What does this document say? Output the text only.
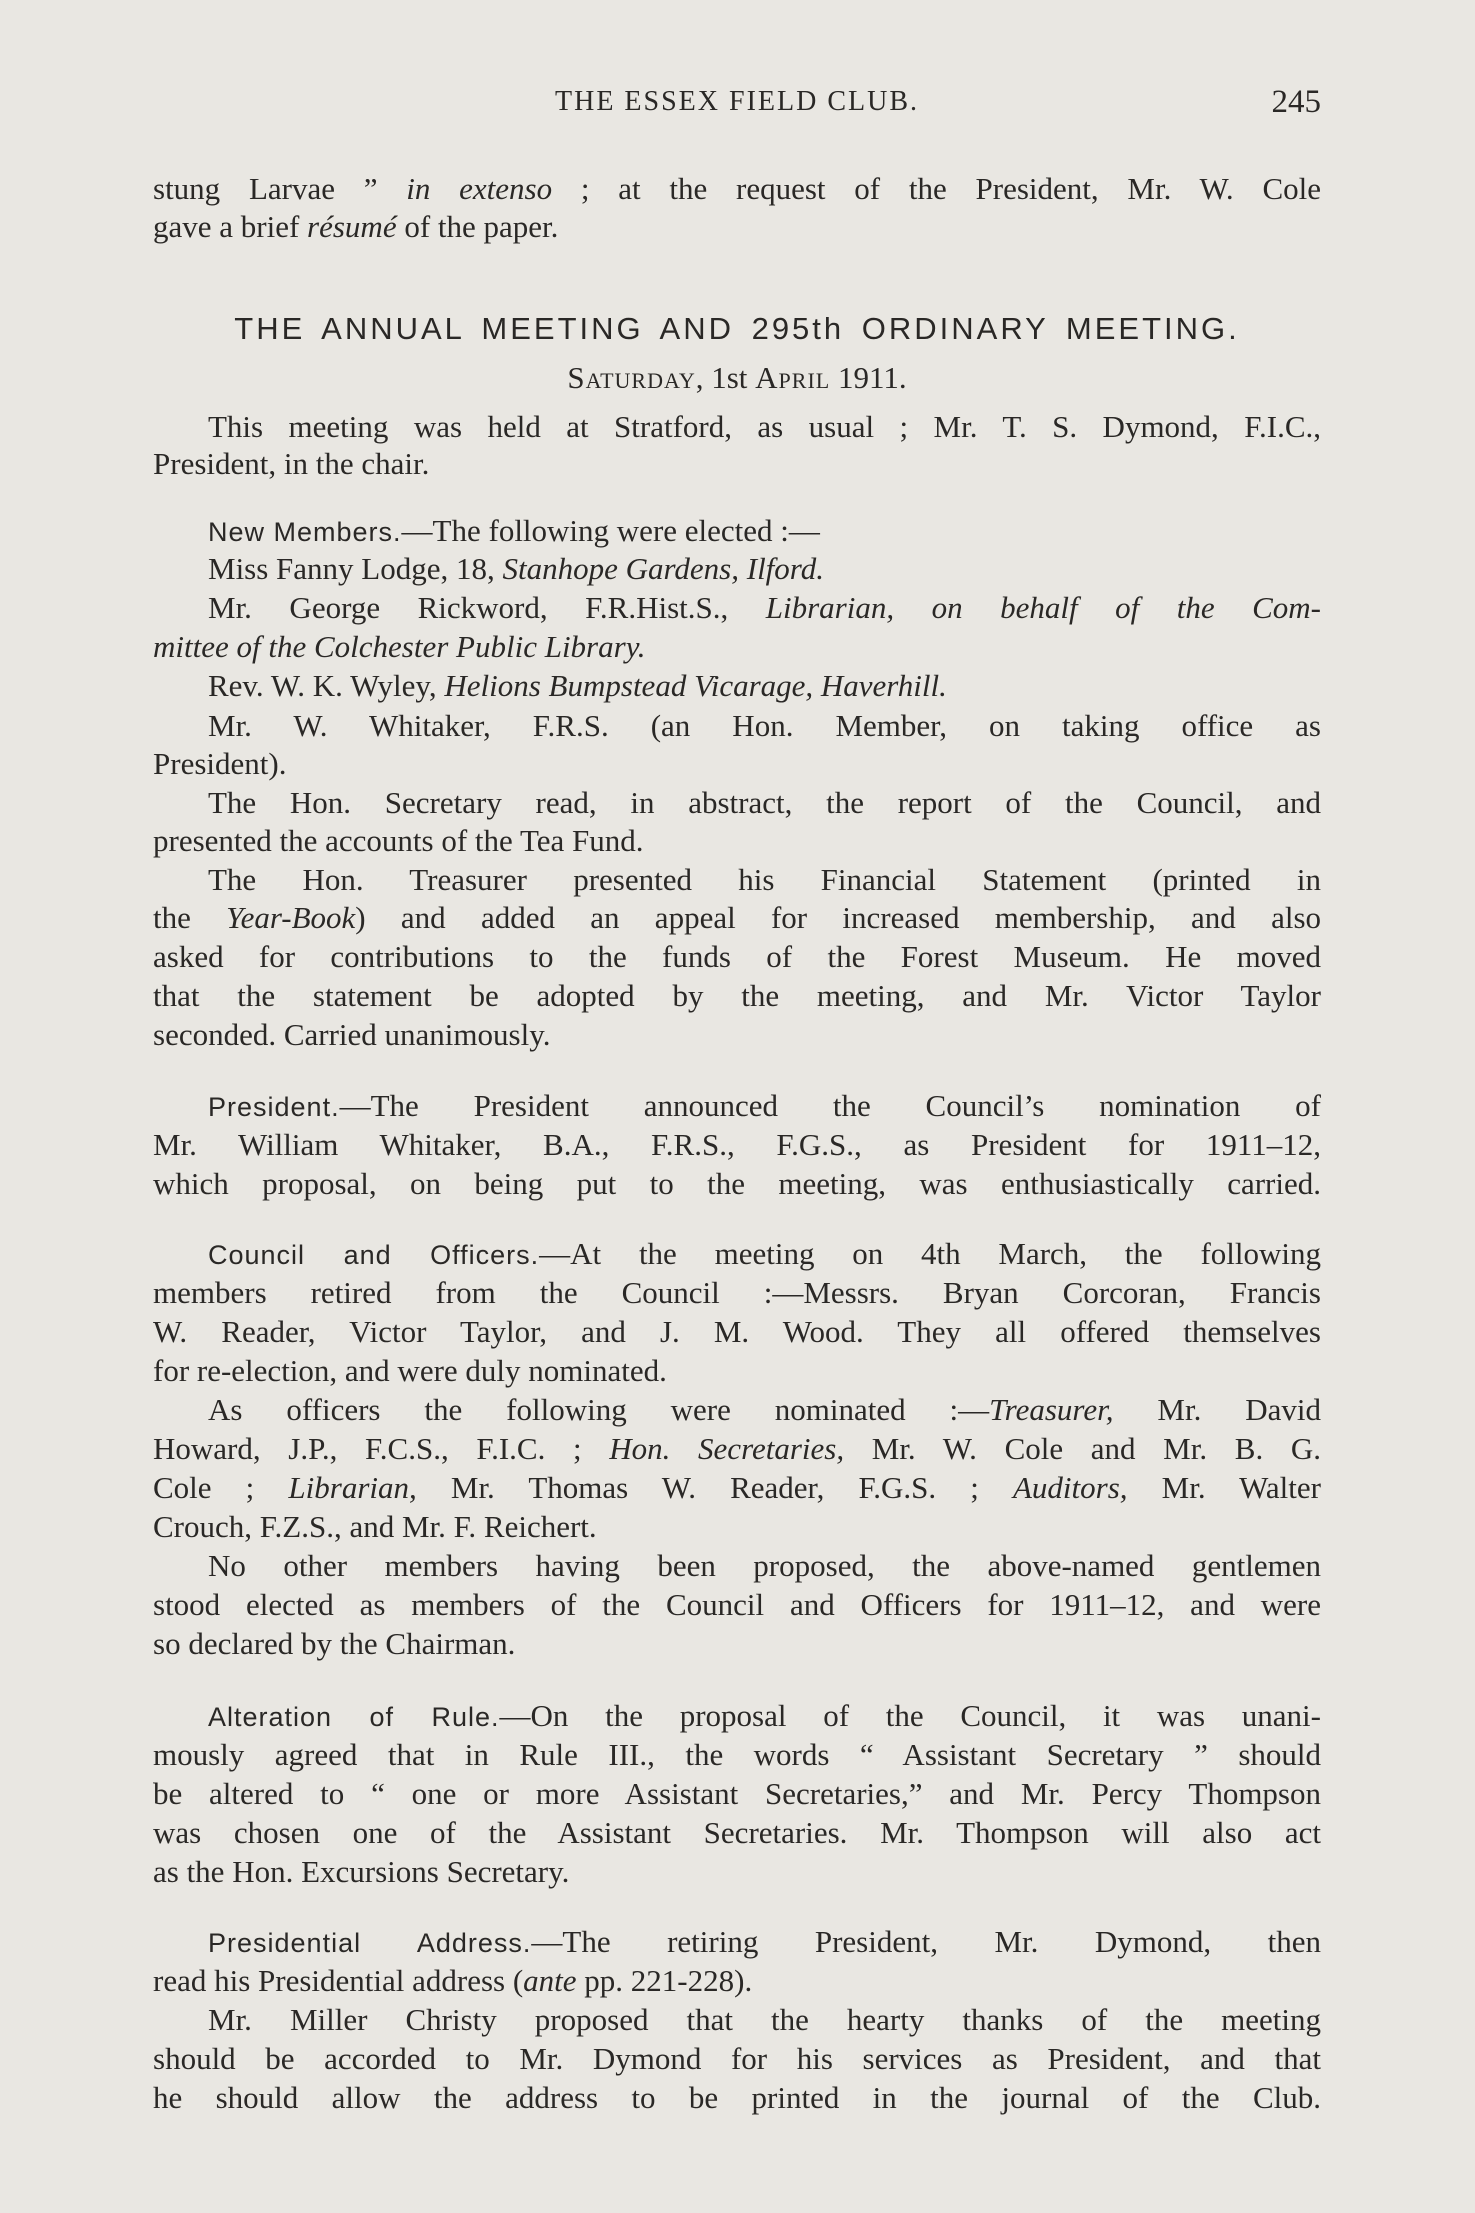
THE ESSEX FIELD CLUB.	245
stung Larvae ” in extenso ; at the request of the President, Mr. W. Cole
gave a brief résumé of the paper.
THE ANNUAL MEETING AND 295th ORDINARY MEETING.
Saturday, 1st April 1911.
This meeting was held at Stratford, as usual ; Mr. T. S. Dymond, F.I.C.,
President, in the chair.
New Members.—The following were elected :—
Miss Fanny Lodge, 18, Stanhope Gardens, Ilford.
Mr. George Rickword, F.R.Hist.S., Librarian, on behalf of the Com-
mittee of the Colchester Public Library.
Rev. W. K. Wyley, Helions Bumpstead Vicarage, Haverhill.
Mr. W. Whitaker, F.R.S. (an Hon. Member, on taking office as
President).
The Hon. Secretary read, in abstract, the report of the Council, and
presented the accounts of the Tea Fund.
The Hon. Treasurer presented his Financial Statement (printed in
the Year-Book) and added an appeal for increased membership, and also
asked for contributions to the funds of the Forest Museum. He moved
that the statement be adopted by the meeting, and Mr. Victor Taylor
seconded. Carried unanimously.
President.—The President announced the Council’s nomination of
Mr. William Whitaker, B.A., F.R.S., F.G.S., as President for 1911–12,
which proposal, on being put to the meeting, was enthusiastically carried.
Council and Officers.—At the meeting on 4th March, the following
members retired from the Council :—Messrs. Bryan Corcoran, Francis
W. Reader, Victor Taylor, and J. M. Wood. They all offered themselves
for re-election, and were duly nominated.
As officers the following were nominated :—Treasurer, Mr. David
Howard, J.P., F.C.S., F.I.C. ; Hon. Secretaries, Mr. W. Cole and Mr. B. G.
Cole ; Librarian, Mr. Thomas W. Reader, F.G.S. ; Auditors, Mr. Walter
Crouch, F.Z.S., and Mr. F. Reichert.
No other members having been proposed, the above-named gentlemen
stood elected as members of the Council and Officers for 1911–12, and were
so declared by the Chairman.
Alteration of Rule.—On the proposal of the Council, it was unani-
mously agreed that in Rule III., the words “ Assistant Secretary ” should
be altered to “ one or more Assistant Secretaries,” and Mr. Percy Thompson
was chosen one of the Assistant Secretaries. Mr. Thompson will also act
as the Hon. Excursions Secretary.
Presidential Address.—The retiring President, Mr. Dymond, then
read his Presidential address (ante pp. 221-228).
Mr. Miller Christy proposed that the hearty thanks of the meeting
should be accorded to Mr. Dymond for his services as President, and that
he should allow the address to be printed in the journal of the Club.
